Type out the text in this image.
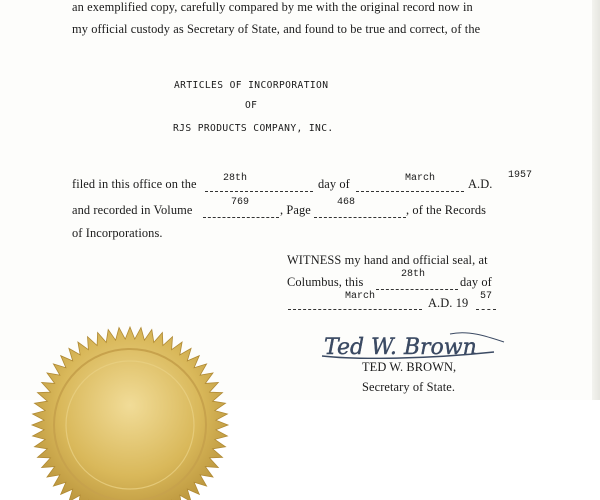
an exemplified copy, carefully compared by me with the original record now in
my official custody as Secretary of State, and found to be true and correct, of the
ARTICLES OF INCORPORATION
OF
RJS PRODUCTS COMPANY, INC.
filed in this office on the	28th	day of	March	A.D.
1957
and recorded in Volume
769
, Page
468
, of the Records
of Incorporations.
WITNESS my hand and official seal, at
Columbus, this
28th
day of
March	A.D. 19	57
Ted W. Brown
TED W. BROWN,
Secretary of State.
